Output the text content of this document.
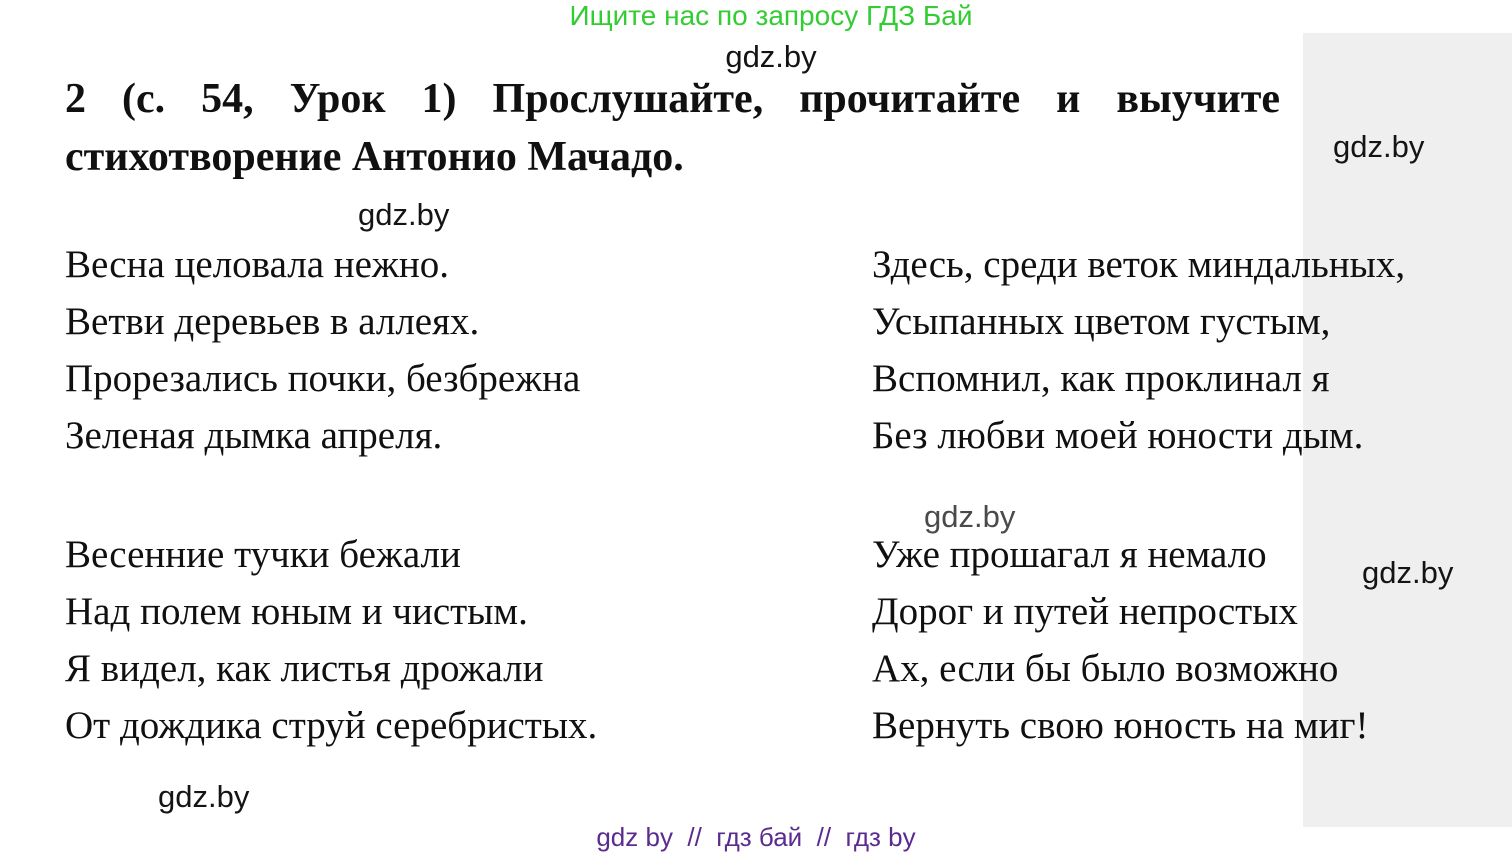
Ищите нас по запросу ГДЗ Бай
gdz.by
2 (с. 54, Урок 1) Прослушайте, прочитайте и выучите
стихотворение Антонио Мачадо.
gdz.by
Весна целовала нежно.
Ветви деревьев в аллеях.
Прорезались почки, безбрежна
Зеленая дымка апреля.
Весенние тучки бежали
Над полем юным и чистым.
Я видел, как листья дрожали
От дождика струй серебристых.
Здесь, среди веток миндальных,
Усыпанных цветом густым,
Вспомнил, как проклинал я
Без любви моей юности дым.
gdz.by
Уже прошагал я немало
Дорог и путей непростых
Ах, если бы было возможно
Вернуть свою юность на миг!
gdz.by
gdz.by
gdz.by
gdz by  //  гдз бай  //  гдз by
